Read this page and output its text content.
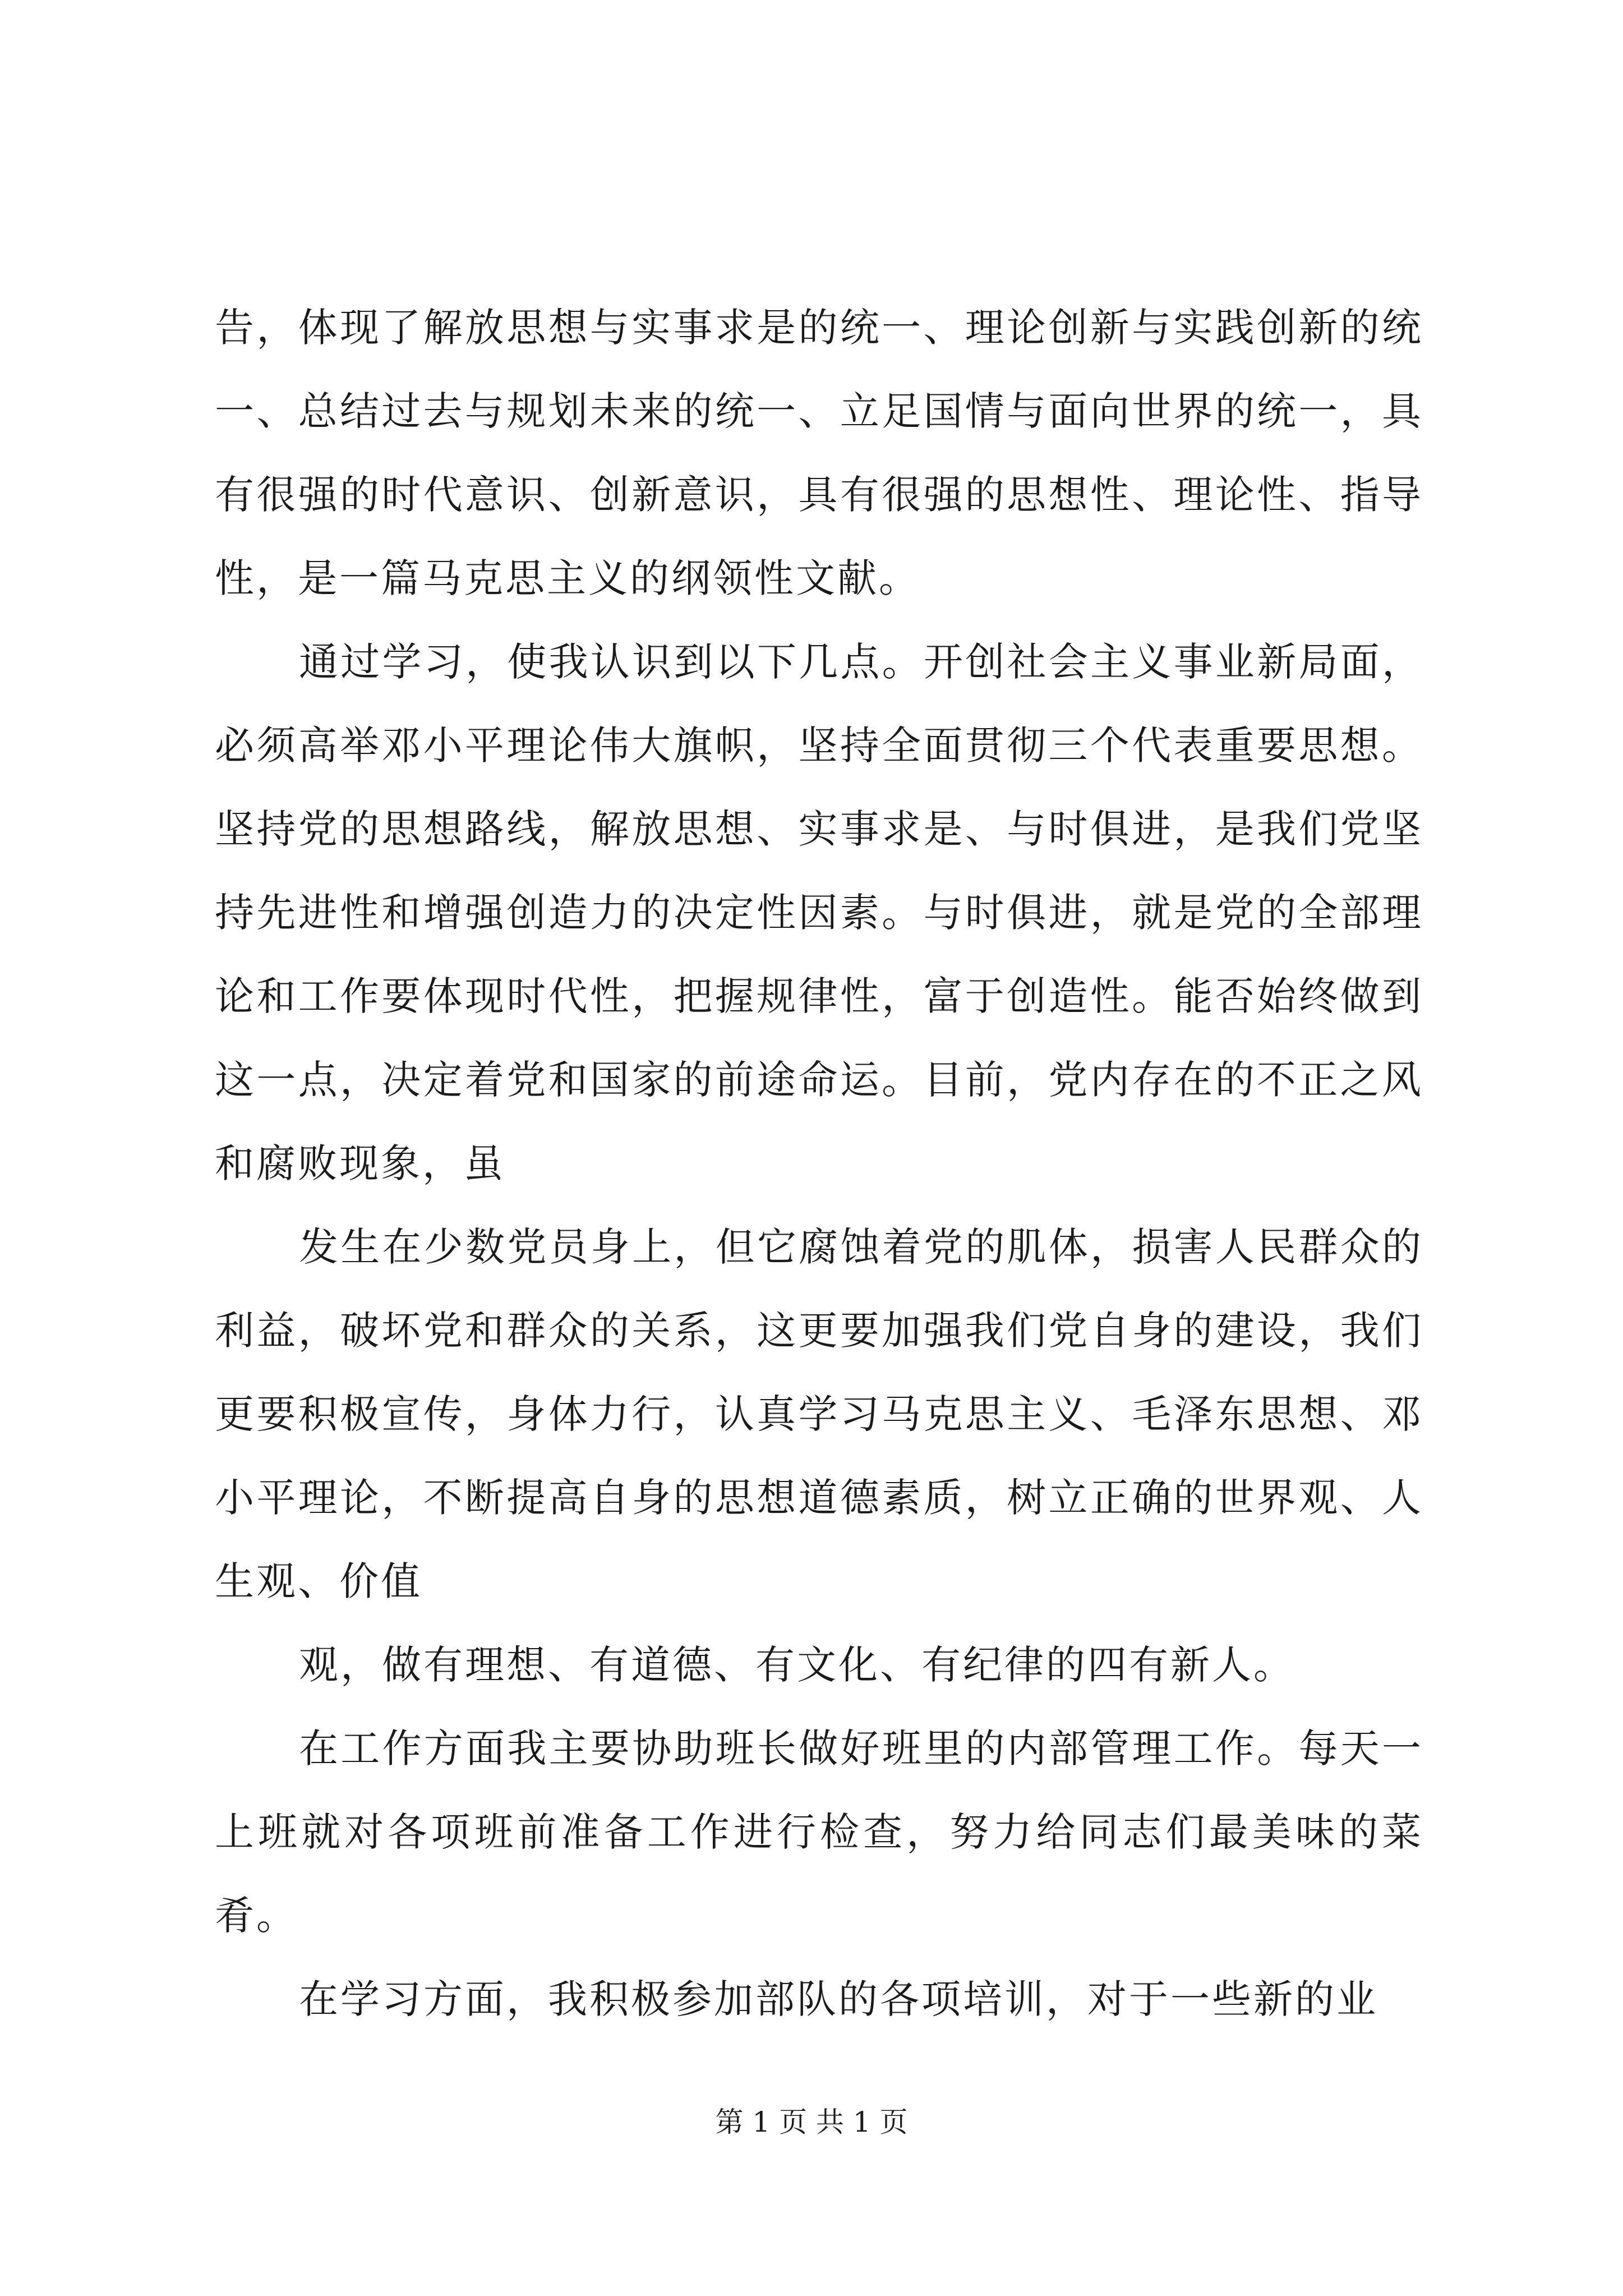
告，体现了解放思想与实事求是的统一、理论创新与实践创新的统一、总结过去与规划未来的统一、立足国情与面向世界的统一，具有很强的时代意识、创新意识，具有很强的思想性、理论性、指导性，是一篇马克思主义的纲领性文献。

通过学习，使我认识到以下几点。开创社会主义事业新局面，必须高举邓小平理论伟大旗帜，坚持全面贯彻三个代表重要思想。坚持党的思想路线，解放思想、实事求是、与时俱进，是我们党坚持先进性和增强创造力的决定性因素。与时俱进，就是党的全部理论和工作要体现时代性，把握规律性，富于创造性。能否始终做到这一点，决定着党和国家的前途命运。目前，党内存在的不正之风和腐败现象，虽

发生在少数党员身上，但它腐蚀着党的肌体，损害人民群众的利益，破坏党和群众的关系，这更要加强我们党自身的建设，我们更要积极宣传，身体力行，认真学习马克思主义、毛泽东思想、邓小平理论，不断提高自身的思想道德素质，树立正确的世界观、人生观、价值

观，做有理想、有道德、有文化、有纪律的四有新人。

在工作方面我主要协助班长做好班里的内部管理工作。每天一上班就对各项班前准备工作进行检查，努力给同志们最美味的菜肴。

在学习方面，我积极参加部队的各项培训，对于一些新的业

第 1 页 共 1 页
